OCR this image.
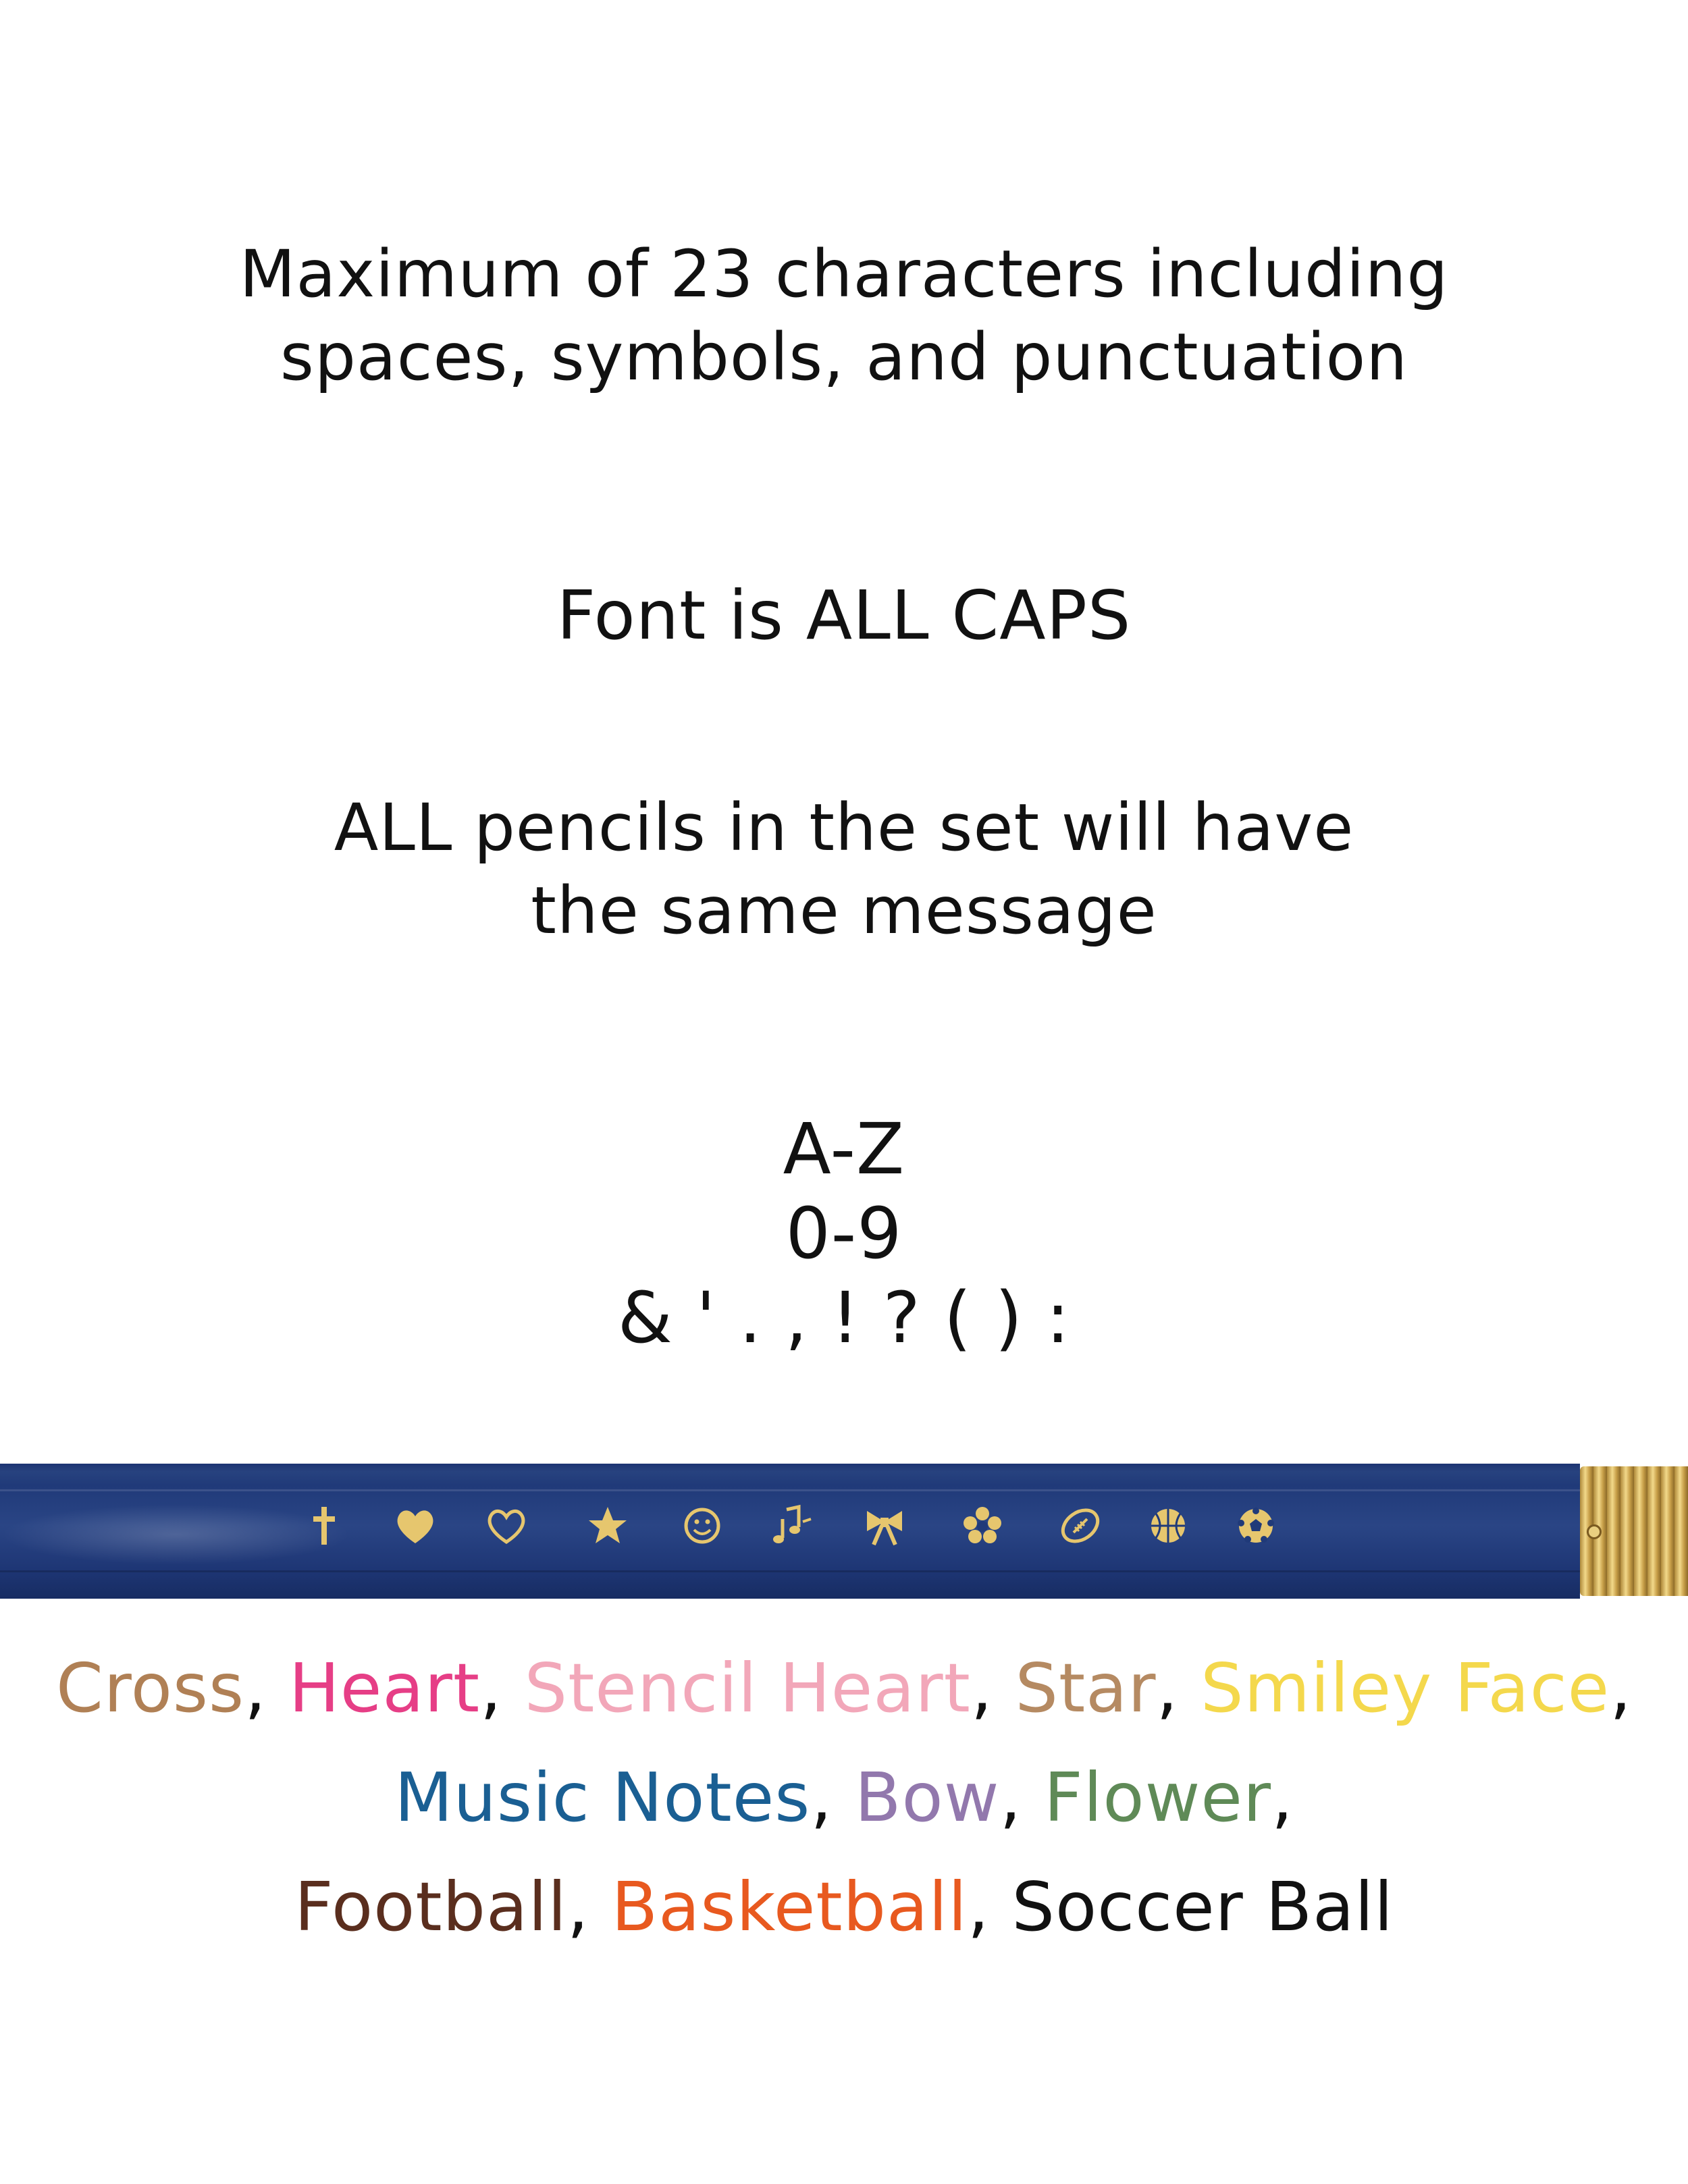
Maximum of 23 characters including
spaces, symbols, and punctuation
Font is ALL CAPS
ALL pencils in the set will have
the same message
A-Z
0-9
& ' . , ! ? ( ) :
Cross, Heart, Stencil Heart, Star, Smiley Face,
Music Notes, Bow, Flower,
Football, Basketball, Soccer Ball
